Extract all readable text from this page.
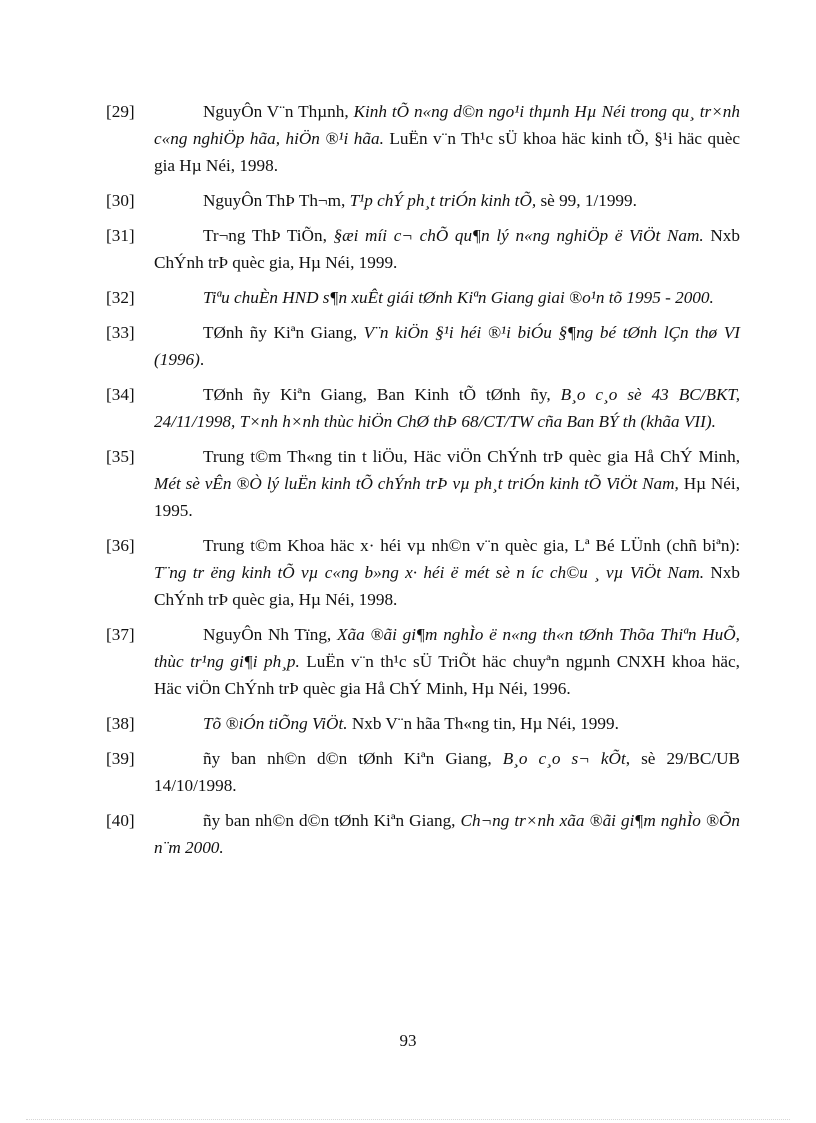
[29]	NguyÔn V¨n Thµnh, Kinh tÕ n«ng d©n ngo¹i thµnh Hµ Néi trong qu¸ tr×nh c«ng nghiÖp hãa, hiÖn ®¹i hãa. LuËn v¨n Th¹c sÜ khoa häc kinh tÕ, §¹i häc quèc gia Hµ Néi, 1998.
[30]	NguyÔn ThÞ Th¬m, T¹p chÝ ph¸t triÓn kinh tÕ, sè 99, 1/1999.
[31]	Tr¬ng ThÞ TiÕn, §æi míi c¬ chÕ qu¶n lý n«ng nghiÖp ë ViÖt Nam. Nxb ChÝnh trÞ quèc gia, Hµ Néi, 1999.
[32]	Tiªu chuÈn HND s¶n xuÊt giái tØnh Kiªn Giang giai ®o¹n tõ 1995 - 2000.
[33]	TØnh ñy Kiªn Giang, V¨n kiÖn §¹i héi ®¹i biÓu §¶ng bé tØnh lÇn thø VI (1996).
[34]	TØnh ñy Kiªn Giang, Ban Kinh tÕ tØnh ñy, B¸o c¸o sè 43 BC/BKT, 24/11/1998, T×nh h×nh thùc hiÖn ChØ thÞ 68/CT/TW cña Ban BÝ th (khãa VII).
[35]	Trung t©m Th«ng tin t liÖu, Häc viÖn ChÝnh trÞ quèc gia Hå ChÝ Minh, Mét sè vÊn ®Ò lý luËn kinh tÕ chÝnh trÞ vµ ph¸t triÓn kinh tÕ ViÖt Nam, Hµ Néi, 1995.
[36]	Trung t©m Khoa häc x· héi vµ nh©n v¨n quèc gia, Lª Bé LÜnh (chñ biªn): T¨ng tr ëng kinh tÕ vµ c«ng b»ng x· héi ë mét sè n íc ch©u ¸ vµ ViÖt Nam. Nxb ChÝnh trÞ quèc gia, Hµ Néi, 1998.
[37]	NguyÔn Nh Tïng, Xãa ®ãi gi¶m nghÌo ë n«ng th«n tØnh Thõa Thiªn HuÕ, thùc tr¹ng gi¶i ph¸p. LuËn v¨n th¹c sÜ TriÕt häc chuyªn ngµnh CNXH khoa häc, Häc viÖn ChÝnh trÞ quèc gia Hå ChÝ Minh, Hµ Néi, 1996.
[38]	Tõ ®iÓn tiÕng ViÖt. Nxb V¨n hãa Th«ng tin, Hµ Néi, 1999.
[39]	ñy ban nh©n d©n tØnh Kiªn Giang, B¸o c¸o s¬ kÕt, sè 29/BC/UB 14/10/1998.
[40]	ñy ban nh©n d©n tØnh Kiªn Giang, Ch¬ng tr×nh xãa ®ãi gi¶m nghÌo ®Õn n¨m 2000.
93
